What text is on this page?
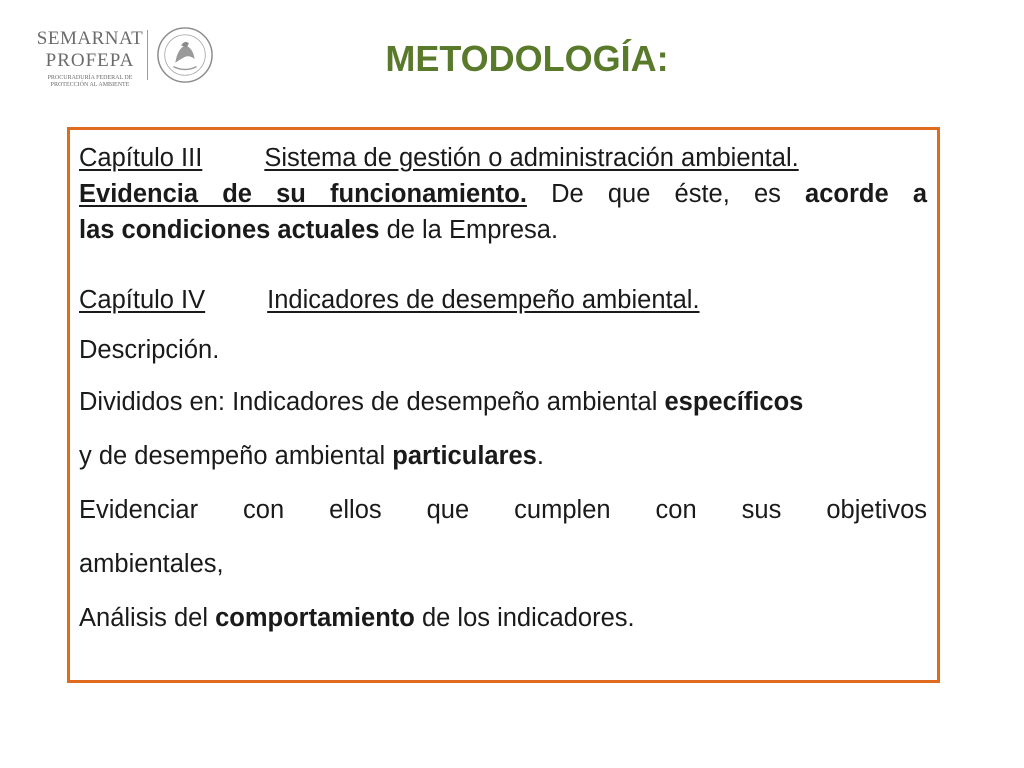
SEMARNAT
PROFEPA
PROCURADURÍA FEDERAL DE PROTECCIÓN AL AMBIENTE
METODOLOGÍA:
Capítulo III Sistema de gestión o administración ambiental.
Evidencia de su funcionamiento. De que éste, es acorde a
las condiciones actuales de la Empresa.
Capítulo IV Indicadores de desempeño ambiental.
Descripción.
Divididos en: Indicadores de desempeño ambiental específicos
y de desempeño ambiental particulares.
Evidenciar con ellos que cumplen con sus objetivos
ambientales,
Análisis del comportamiento de los indicadores.
